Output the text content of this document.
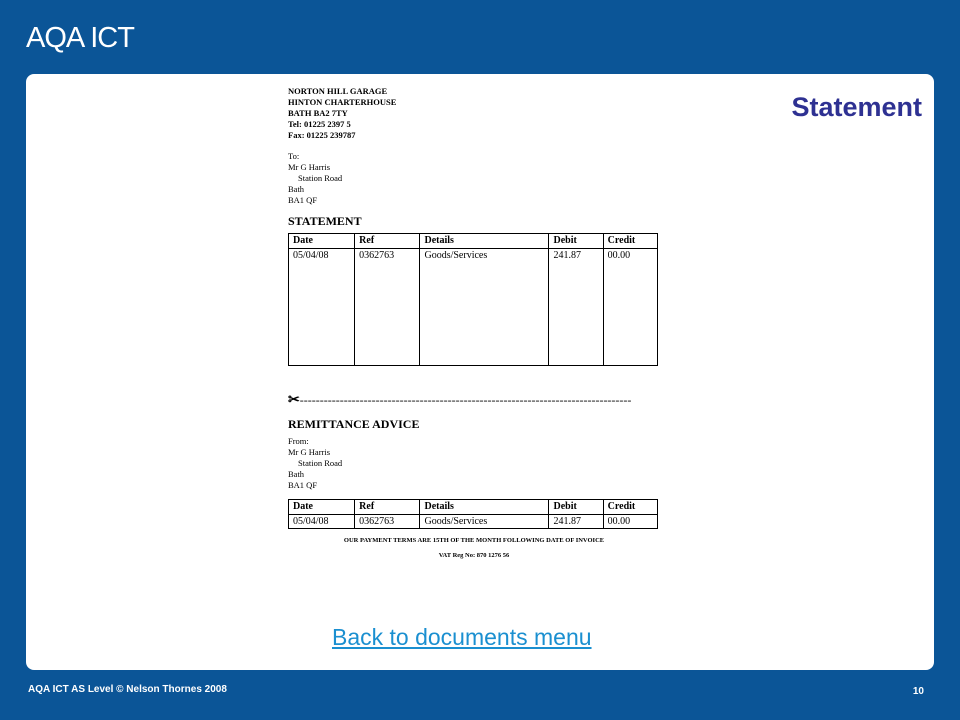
AQA ICT
Statement
NORTON HILL GARAGE
HINTON CHARTERHOUSE
BATH BA2 7TY
Tel: 01225 2397 5
Fax: 01225 239787
To:
Mr G Harris
Station Road
Bath
BA1 QF
STATEMENT
Date	Ref	Details	Debit	Credit
05/04/08	0362763	Goods/Services	241.87	00.00
✂-----------------------------------------------------------------------------------
REMITTANCE ADVICE
From:
Mr G Harris
Station Road
Bath
BA1 QF
Date	Ref	Details	Debit	Credit
05/04/08	0362763	Goods/Services	241.87	00.00
OUR PAYMENT TERMS ARE 15TH OF THE MONTH FOLLOWING DATE OF INVOICE
VAT Reg No: 870 1276 56
Back to documents menu
AQA ICT AS Level © Nelson Thornes 2008	10
